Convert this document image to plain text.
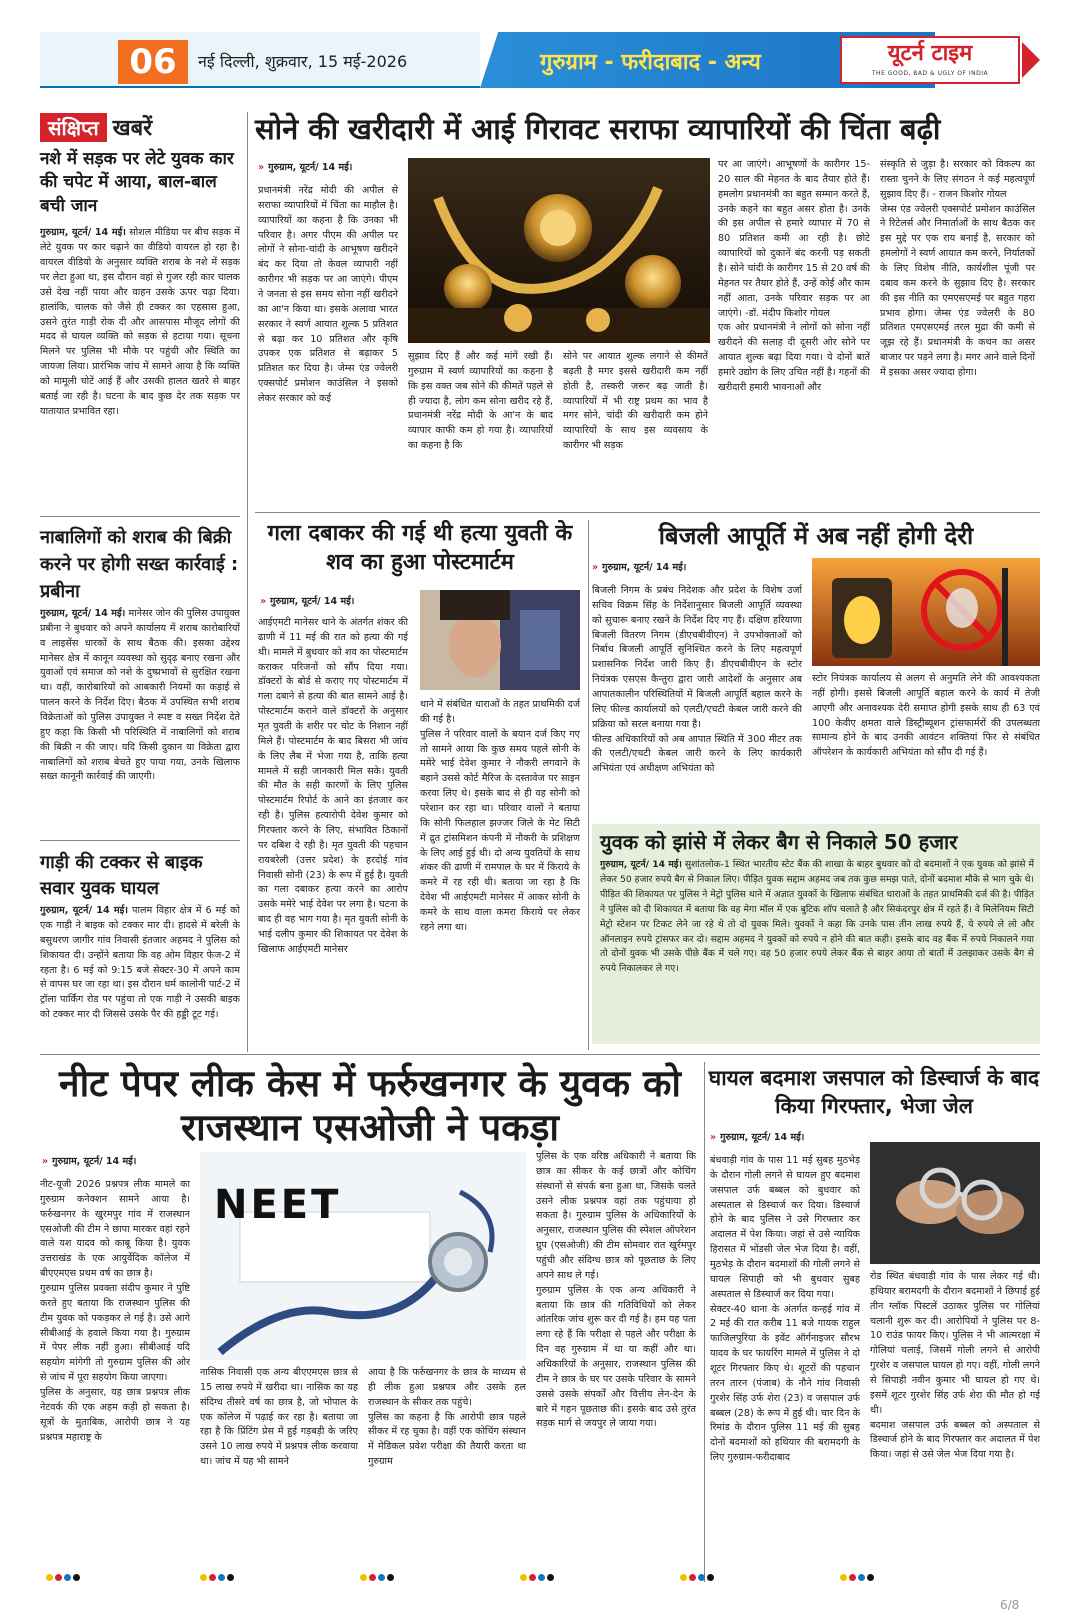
06	नई दिल्ली, शुक्रवार, 15 मई-2026	गुरुग्राम - फरीदाबाद - अन्य	यूटर्न टाइम
THE GOOD, BAD & UGLY OF INDIA
संक्षिप्त खबरें
नशे में सड़क पर लेटे युवक कार की चपेट में आया, बाल-बाल बची जान
गुरुग्राम, यूटर्न/ 14 मई। सोशल मीडिया पर बीच सड़क में लेटे युवक पर कार चढ़ाने का वीडियो वायरल हो रहा है। वायरल वीडियो के अनुसार व्यक्ति शराब के नशे में सड़क पर लेटा हुआ था, इस दौरान वहां से गुजर रही कार चालक उसे देख नहीं पाया और वाहन उसके ऊपर चढ़ा दिया। हालांकि, चालक को जैसे ही टक्कर का एहसास हुआ, उसने तुरंत गाड़ी रोक दी और आसपास मौजूद लोगों की मदद से घायल व्यक्ति को सड़क से हटाया गया। सूचना मिलने पर पुलिस भी मौके पर पहुंची और स्थिति का जायजा लिया। प्रारंभिक जांच में सामने आया है कि व्यक्ति को मामूली चोटें आई हैं और उसकी हालत खतरे से बाहर बताई जा रही है। घटना के बाद कुछ देर तक सड़क पर यातायात प्रभावित रहा।
नाबालिगों को शराब की बिक्री करने पर होगी सख्त कार्रवाई : प्रबीना
गुरुग्राम, यूटर्न/ 14 मई। मानेसर जोन की पुलिस उपायुक्त प्रबीना ने बुधवार को अपने कार्यालय में शराब कारोबारियों व लाइसेंस धारकों के साथ बैठक की। इसका उद्देश्य मानेसर क्षेत्र में कानून व्यवस्था को सुदृढ़ बनाए रखना और युवाओं एवं समाज को नशे के दुष्प्रभावों से सुरक्षित रखना था। वहीं, कारोबारियों को आबकारी नियमों का कड़ाई से पालन करने के निर्देश दिए। बैठक में उपस्थित सभी शराब विक्रेताओं को पुलिस उपायुक्त ने स्पष्ट व सख्त निर्देश देते हुए कहा कि किसी भी परिस्थिति में नाबालिगों को शराब की बिक्री न की जाए। यदि किसी दुकान या विक्रेता द्वारा नाबालिगों को शराब बेचते हुए पाया गया, उनके खिलाफ सख्त कानूनी कार्रवाई की जाएगी।
गाड़ी की टक्कर से बाइक सवार युवक घायल
गुरुग्राम, यूटर्न/ 14 मई। पालम विहार क्षेत्र में 6 मई को एक गाड़ी ने बाइक को टक्कर मार दी। हादसे में बरेली के बसुधरण जागीर गांव निवासी इंतजार अहमद ने पुलिस को शिकायत दी। उन्होंने बताया कि वह ओम विहार फेज-2 में रहता है। 6 मई को 9:15 बजे सेक्टर-30 में अपने काम से वापस घर जा रहा था। इस दौरान धर्म कालोनी पार्ट-2 में ट्रॉला पार्किंग रोड पर पहुंचा तो एक गाड़ी ने उसकी बाइक को टक्कर मार दी जिससे उसके पैर की हड्डी टूट गई।
सोने की खरीदारी में आई गिरावट सराफा व्यापारियों की चिंता बढ़ी
» गुरुग्राम, यूटर्न/ 14 मई।
प्रधानमंत्री नरेंद्र मोदी की अपील से सराफा व्यापारियों में चिंता का माहौल है। व्यापारियों का कहना है कि उनका भी परिवार है। अगर पीएम की अपील पर लोगों ने सोना-चांदी के आभूषण खरीदने बंद कर दिया तो केवल व्यापारी नहीं कारीगर भी सड़क पर आ जाएंगे। पीएम ने जनता से इस समय सोना नहीं खरीदने का आ'न किया था। इसके अलावा भारत सरकार ने स्वर्ण आयात शुल्क 5 प्रतिशत से बढ़ा कर 10 प्रतिशत और कृषि उपकर एक प्रतिशत से बढ़ाकर 5 प्रतिशत कर दिया है। जेम्स एंड ज्वेलरी एक्सपोर्ट प्रमोशन काउंसिल ने इसको लेकर सरकार को कई
सुझाव दिए हैं और कई मांगें रखी हैं। गुरुग्राम में स्वर्ण व्यापारियों का कहना है कि इस वक्त जब सोने की कीमतें पहले से ही ज्यादा है, लोग कम सोना खरीद रहे हैं, प्रधानमंत्री नरेंद्र मोदी के आ'न के बाद व्यापार काफी कम हो गया है। व्यापारियों का कहना है कि
सोने पर आयात शुल्क लगाने से कीमतें बढ़ती है मगर इससे खरीदारी कम नहीं होती है, तस्करी जरूर बढ़ जाती है। व्यापारियों में भी राष्ट्र प्रथम का भाव है मगर सोने, चांदी की खरीदारी कम होने व्यापारियों के साथ इस व्यवसाय के कारीगर भी सड़क
पर आ जाएंगे। आभूषणों के कारीगर 15-20 साल की मेहनत के बाद तैयार होते हैं। हमलोग प्रधानमंत्री का बहुत सम्मान करते हैं, उनके कहने का बहुत असर होता है। उनके की इस अपील से हमारे व्यापार में 70 से 80 प्रतिशत कमी आ रही है। छोटे व्यापारियों को दुकानें बंद करनी पड़ सकती है। सोने चांदी के कारीगर 15 से 20 वर्ष की मेहनत पर तैयार होते हैं, उन्हें कोई और काम नहीं आता, उनके परिवार सड़क पर आ जाएंगे। -डॉ. मंदीप किशोर गोयल
एक ओर प्रधानमंत्री ने लोगों को सोना नहीं खरीदने की सलाह दी दूसरी ओर सोने पर आयात शुल्क बढ़ा दिया गया। ये दोनों बातें हमारे उद्योग के लिए उचित नहीं है। गहनों की खरीदारी हमारी भावनाओं और
संस्कृति से जुड़ा है। सरकार को विकल्प का रास्ता चुनने के लिए संगठन ने कई महत्वपूर्ण सुझाव दिए हैं। - राजन किशोर गोयल
जेम्स एंड ज्वेलरी एक्सपोर्ट प्रमोशन काउंसिल ने रिटेलर्स और निमार्ताओं के साथ बैठक कर इस मुद्दे पर एक राय बनाई है, सरकार को हमलोगों ने स्वर्ण आयात कम करने, निर्यातकों के लिए विशेष नीति, कार्यशील पूंजी पर दबाव कम करने के सुझाव दिए है। सरकार की इस नीति का एमएसएमई पर बहुत गहरा प्रभाव होगा। जेम्स एंड ज्वेलरी के 80 प्रतिशत एमएसएमई तरल मुद्रा की कमी से जूझ रहे हैं। प्रधानमंत्री के कथन का असर बाजार पर पड़ने लगा है। मगर आने वाले दिनों में इसका असर ज्यादा होगा।
गला दबाकर की गई थी हत्या युवती के शव का हुआ पोस्टमार्टम
» गुरुग्राम, यूटर्न/ 14 मई।
आईएमटी मानेसर थाने के अंतर्गत शंकर की ढाणी में 11 मई की रात को हत्या की गई थी। मामले में बुधवार को शव का पोस्टमार्टम कराकर परिजनों को सौंप दिया गया। डॉक्टरों के बोर्ड से कराए गए पोस्टमार्टम में गला दबाने से हत्या की बात सामने आई है। पोस्टमार्टम कराने वाले डॉक्टरों के अनुसार मृत युवती के शरीर पर चोट के निशान नहीं मिले हैं। पोस्टमार्टम के बाद बिसरा भी जांच के लिए लैब में भेजा गया है, ताकि हत्या मामले में सही जानकारी मिल सके। युवती की मौत के सही कारणों के लिए पुलिस पोस्टमार्टम रिपोर्ट के आने का इंतजार कर रही है। पुलिस हत्यारोपी देवेश कुमार को गिरफ्तार करने के लिए, संभावित ठिकानों पर दबिश दे रही है। मृत युवती की पहचान रायबरेली (उत्तर प्रदेश) के हरदोई गांव निवासी सोनी (23) के रूप में हुई है। युवती का गला दबाकर हत्या करने का आरोप उसके ममेरे भाई देवेश पर लगा है। घटना के बाद ही वह भाग गया है। मृत युवती सोनी के भाई दलीप कुमार की शिकायत पर देवेश के खिलाफ आईएमटी मानेसर
थाने में संबंधित धाराओं के तहत प्राथमिकी दर्ज की गई है।
पुलिस ने परिवार वालों के बयान दर्ज किए गए तो सामने आया कि कुछ समय पहले सोनी के ममेरे भाई देवेश कुमार ने नौकरी लगवाने के बहाने उससे कोर्ट मैरिज के दस्तावेज पर साइन करवा लिए थे। इसके बाद से ही वह सोनी को परेशान कर रहा था। परिवार वालों ने बताया कि सोनी फिलहाल झज्जर जिले के मेट सिटी में द्रुत ट्रांसमिशन कंपनी में नौकरी के प्रशिक्षण के लिए आई हुई थी। दो अन्य युवतियों के साथ शंकर की ढाणी में रामपाल के घर में किराये के कमरे में रह रही थी। बताया जा रहा है कि देवेश भी आईएमटी मानेसर में आकर सोनी के कमरे के साथ वाला कमरा किराये पर लेकर रहने लगा था।
बिजली आपूर्ति में अब नहीं होगी देरी
» गुरुग्राम, यूटर्न/ 14 मई।
बिजली निगम के प्रबंध निदेशक और प्रदेश के विशेष उर्जा सचिव विक्रम सिंह के निर्देशानुसार बिजली आपूर्ति व्यवस्था को सुचारू बनाए रखने के निर्देश दिए गए हैं। दक्षिण हरियाणा बिजली वितरण निगम (डीएचबीवीएन) ने उपभोक्ताओं को निर्बाध बिजली आपूर्ति सुनिश्चित करने के लिए महत्वपूर्ण प्रशासनिक निर्देश जारी किए हैं। डीएचबीवीएन के स्टोर नियंत्रक एसएस कैन्तुरा द्वारा जारी आदेशों के अनुसार अब आपातकालीन परिस्थितियों में बिजली आपूर्ति बहाल करने के लिए फील्ड कार्यालयों को एलटी/एचटी केबल जारी करने की प्रक्रिया को सरल बनाया गया है।
फील्ड अधिकारियों को अब आपात स्थिति में 300 मीटर तक की एलटी/एचटी केबल जारी करने के लिए कार्यकारी अभियंता एवं अधीक्षण अभियंता को
स्टोर नियंत्रक कार्यालय से अलग से अनुमति लेने की आवश्यकता नहीं होगी। इससे बिजली आपूर्ति बहाल करने के कार्य में तेजी आएगी और अनावश्यक देरी समाप्त होगी इसके साथ ही 63 एवं 100 केवीए क्षमता वाले डिस्ट्रीब्यूशन ट्रांसफार्मरों की उपलब्धता सामान्य होने के बाद उनकी आवंटन शक्तियां फिर से संबंधित ऑपरेशन के कार्यकारी अभियंता को सौंप दी गई हैं।
युवक को झांसे में लेकर बैग से निकाले 50 हजार
गुरुग्राम, यूटर्न/ 14 मई। सुशांतलोक-1 स्थित भारतीय स्टेट बैंक की शाखा के बाहर बुधवार को दो बदमाशों ने एक युवक को झांसे में लेकर 50 हजार रुपये बैग से निकाल लिए। पीड़ित युवक सद्दाम अहमद जब तक कुछ समझ पाते, दोनों बदमाश मौके से भाग चुके थे। पीड़ित की शिकायत पर पुलिस ने मेट्रो पुलिस थाने में अज्ञात युवकों के खिलाफ संबंधित धाराओं के तहत प्राथमिकी दर्ज की है। पीड़ित ने पुलिस को दी शिकायत में बताया कि वह मेगा मॉल में एक बुटिक शॉप चलाते है और सिकंदरपुर क्षेत्र में रहते हैं। वे मिलेनियम सिटी मेट्रो स्टेशन पर टिकट लेने जा रहे थे तो दो युवक मिले। युवकों ने कहा कि उनके पास तीन लाख रुपये हैं, ये रुपये ले लो और ऑनलाइन रुपये ट्रांसफर कर दो। सद्दाम अहमद ने युवकों को रुपये न होने की बात कही। इसके बाद वह बैंक में रुपये निकालने गया तो दोनों युवक भी उसके पीछे बैंक में चले गए। वह 50 हजार रुपये लेकर बैंक से बाहर आया तो बातों में उलझाकर उसके बैग से रुपये निकालकर ले गए।
नीट पेपर लीक केस में फर्रुखनगर के युवक को राजस्थान एसओजी ने पकड़ा
» गुरुग्राम, यूटर्न/ 14 मई।
नीट-यूजी 2026 प्रश्नपत्र लीक मामले का गुरुग्राम कनेक्शन सामने आया है। फर्रुखनगर के खुरमपुर गांव में राजस्थान एसओजी की टीम ने छापा मारकर वहां रहने वाले यश यादव को काबू किया है। युवक उत्तराखंड के एक आयुर्वेदिक कॉलेज में बीएएमएस प्रथम वर्ष का छात्र है।
गुरुग्राम पुलिस प्रवक्ता संदीप कुमार ने पुष्टि करते हुए बताया कि राजस्थान पुलिस की टीम युवक को पकड़कर ले गई है। उसे आगे सीबीआई के हवाले किया गया है। गुरुग्राम में पेपर लीक नहीं हुआ। सीबीआई यदि सहयोग मांगेगी तो गुरुग्राम पुलिस की ओर से जांच में पूरा सहयोग किया जाएगा।
पुलिस के अनुसार, यह छात्र प्रश्नपत्र लीक नेटवर्क की एक अहम कड़ी हो सकता है। सूत्रों के मुताबिक, आरोपी छात्र ने यह प्रश्नपत्र महाराष्ट्र के
NEET
नासिक निवासी एक अन्य बीएएमएस छात्र से 15 लाख रुपये में खरीदा था। नासिक का यह संदिग्ध तीसरे वर्ष का छात्र है, जो भोपाल के एक कॉलेज में पढ़ाई कर रहा है। बताया जा रहा है कि प्रिंटिंग प्रेस में हुई गड़बड़ी के जरिए उसने 10 लाख रुपये में प्रश्नपत्र लीक करवाया था। जांच में यह भी सामने
आया है कि फर्रुखनगर के छात्र के माध्यम से ही लीक हुआ प्रश्नपत्र और उसके हल राजस्थान के सीकर तक पहुंचे।
पुलिस का कहना है कि आरोपी छात्र पहले सीकर में रह चुका है। वहीं एक कोचिंग संस्थान में मेडिकल प्रवेश परीक्षा की तैयारी करता था गुरुग्राम
पुलिस के एक वरिष्ठ अधिकारी ने बताया कि छात्र का सीकर के कई छात्रों और कोचिंग संस्थानों से संपर्क बना हुआ था, जिसके चलते उसने लीक प्रश्नपत्र वहां तक पहुंचाया हो सकता है। गुरुग्राम पुलिस के अधिकारियों के अनुसार, राजस्थान पुलिस की स्पेशल ऑपरेशन ग्रुप (एसओजी) की टीम सोमवार रात खुर्रमपुर पहुंची और संदिग्ध छात्र को पूछताछ के लिए अपने साथ ले गई।
गुरुग्राम पुलिस के एक अन्य अधिकारी ने बताया कि छात्र की गतिविधियों को लेकर आंतरिक जांच शुरू कर दी गई है। हम यह पता लगा रहे हैं कि परीक्षा से पहले और परीक्षा के दिन वह गुरुग्राम में था या कहीं और था। अधिकारियों के अनुसार, राजस्थान पुलिस की टीम ने छात्र के घर पर उसके परिवार के सामने उससे उसके संपर्कों और वित्तीय लेन-देन के बारे में गहन पूछताछ की। इसके बाद उसे तुरंत सड़क मार्ग से जयपुर ले जाया गया।
घायल बदमाश जसपाल को डिस्चार्ज के बाद किया गिरफ्तार, भेजा जेल
» गुरुग्राम, यूटर्न/ 14 मई।
बंधवाड़ी गांव के पास 11 मई सुबह मुठभेड़ के दौरान गोली लगने से घायल हुए बदमाश जसपाल उर्फ बब्बल को बुधवार को अस्पताल से डिस्चार्ज कर दिया। डिस्चार्ज होने के बाद पुलिस ने उसे गिरफ्तार कर अदालत में पेश किया। जहां से उसे न्यायिक हिरासत में भोंडसी जेल भेज दिया है। वहीं, मुठभेड़ के दौरान बदमाशों की गोली लगने से घायल सिपाही को भी बुधवार सुबह अस्पताल से डिस्चार्ज कर दिया गया।
सेक्टर-40 थाना के अंतर्गत कन्हई गांव में 2 मई की रात करीब 11 बजे गायक राहुल फाजिलपुरिया के इवेंट ऑर्गनाइजर सौरभ यादव के घर फायरिंग मामले में पुलिस ने दो शूटर गिरफ्तार किए थे। शूटरों की पहचान तरन तारन (पंजाब) के नौने गांव निवासी गुरशेर सिंह उर्फ शेरा (23) व जसपाल उर्फ बब्बल (28) के रूप में हुई थी। चार दिन के रिमांड के दौरान पुलिस 11 मई की सुबह दोनों बदमाशों को हथियार की बरामदगी के लिए गुरुग्राम-फरीदाबाद
रोड स्थित बंधवाड़ी गांव के पास लेकर गई थी। हथियार बरामदगी के दौरान बदमाशों ने छिपाई हुई तीन ग्लॉक पिस्टलें उठाकर पुलिस पर गोलियां चलानी शुरू कर दी। आरोपियों ने पुलिस पर 8-10 राउंड फायर किए। पुलिस ने भी आत्मरक्षा में गोलियां चलाई, जिसमें गोली लगने से आरोपी गुरशेर व जसपाल घायल हो गए। वहीं, गोली लगने से सिपाही नवीन कुमार भी घायल हो गए थे। इसमें शूटर गुरशेर सिंह उर्फ शेरा की मौत हो गई थी।
बदमाश जसपाल उर्फ बब्बल को अस्पताल से डिस्चार्ज होने के बाद गिरफ्तार कर अदालत में पेश किया। जहां से उसे जेल भेज दिया गया है।
6/8
